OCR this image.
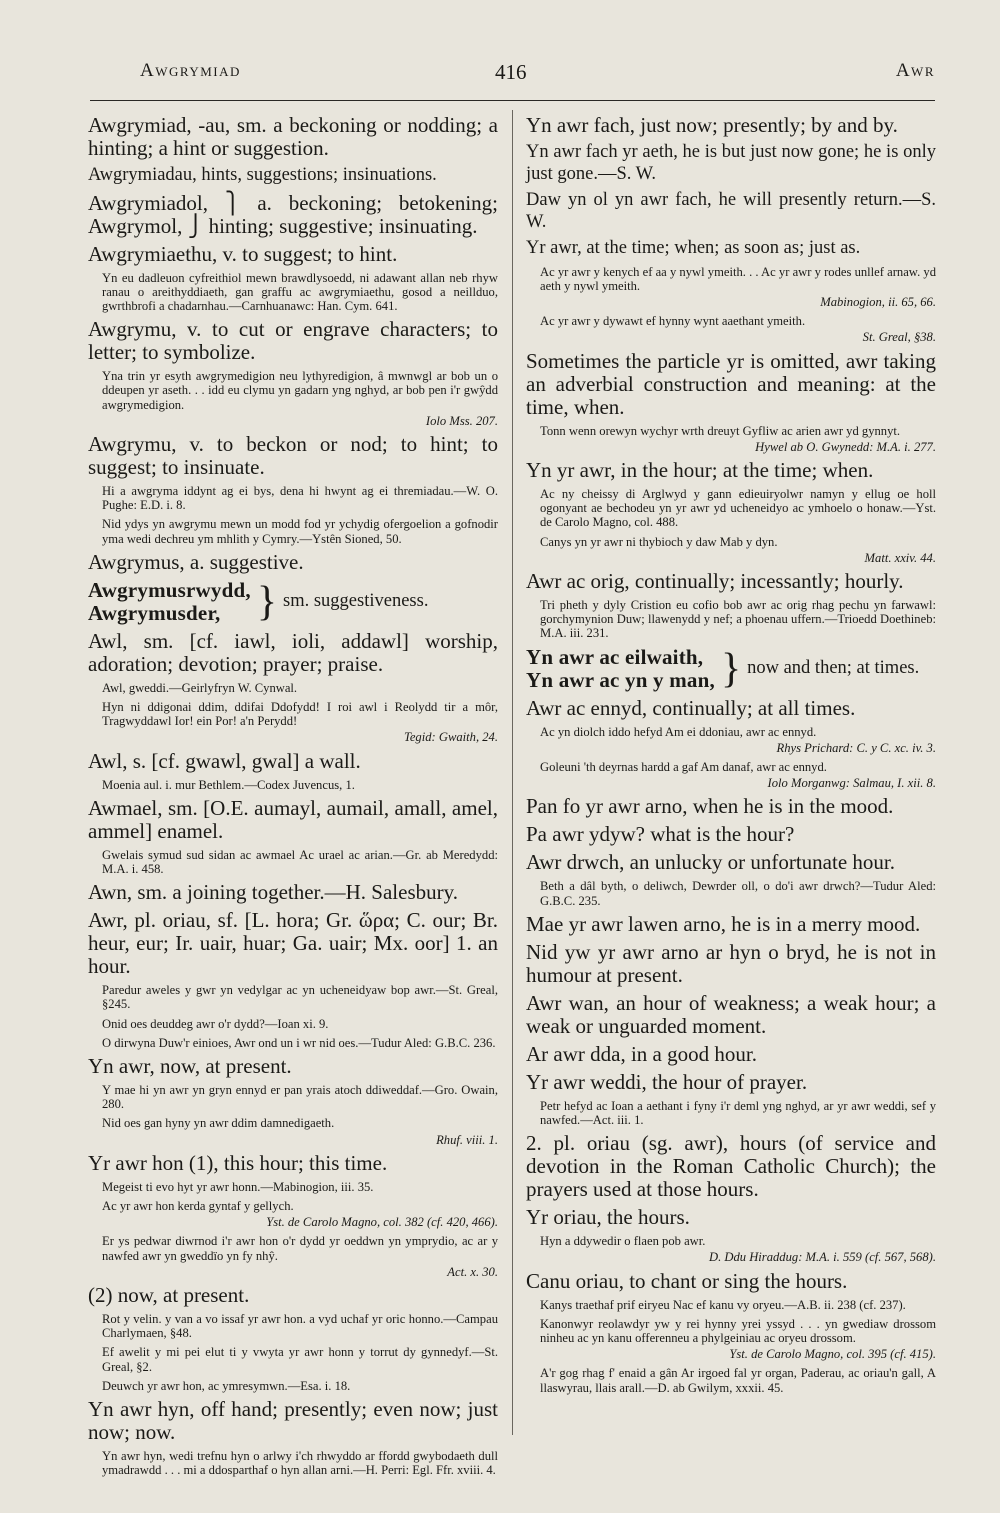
Awgrymiad	416	Awr
Awgrymiad, -au, sm. a beckoning or nodding; a hinting; a hint or suggestion.
Awgrymiadau, hints, suggestions; insinuations.
Awgrymiadol, ⎫ a. beckoning; betokening; Awgrymol, ⎭ hinting; suggestive; insinuating.
Awgrymiaethu, v. to suggest; to hint.
Yn eu dadleuon cyfreithiol mewn brawdlysoedd, ni adawant allan neb rhyw ranau o areithyddiaeth, gan graffu ac awgrymiaethu, gosod a neillduo, gwrthbrofi a chadarnhau.—Carnhuanawc: Han. Cym. 641.
Awgrymu, v. to cut or engrave characters; to letter; to symbolize.
Yna trin yr esyth awgrymedigion neu lythyredigion, â mwnwgl ar bob un o ddeupen yr aseth. . . idd eu clymu yn gadarn yng nghyd, ar bob pen i'r gwŷdd awgrymedigion.
Iolo Mss. 207.
Awgrymu, v. to beckon or nod; to hint; to suggest; to insinuate.
Hi a awgryma iddynt ag ei bys, dena hi hwynt ag ei thremiadau.—W. O. Pughe: E.D. i. 8.
Nid ydys yn awgrymu mewn un modd fod yr ychydig ofergoelion a gofnodir yma wedi dechreu ym mhlith y Cymry.—Ystên Sioned, 50.
Awgrymus, a. suggestive.
Awgrymusrwydd,
Awgrymusder, } sm. suggestiveness.
Awl, sm. [cf. iawl, ioli, addawl] worship, adoration; devotion; prayer; praise.
Awl, gweddi.—Geirlyfryn W. Cynwal.
Hyn ni ddigonai ddim, ddifai Ddofydd! I roi awl i Reolydd tir a môr, Tragwyddawl Ior! ein Por! a'n Perydd!
Tegid: Gwaith, 24.
Awl, s. [cf. gwawl, gwal] a wall.
Moenia aul. i. mur Bethlem.—Codex Juvencus, 1.
Awmael, sm. [O.E. aumayl, aumail, amall, amel, ammel] enamel.
Gwelais symud sud sidan ac awmael Ac urael ac arian.—Gr. ab Meredydd: M.A. i. 458.
Awn, sm. a joining together.—H. Salesbury.
Awr, pl. oriau, sf. [L. hora; Gr. ὥρα; C. our; Br. heur, eur; Ir. uair, huar; Ga. uair; Mx. oor] 1. an hour.
Paredur aweles y gwr yn vedylgar ac yn ucheneidyaw bop awr.—St. Greal, §245.
Onid oes deuddeg awr o'r dydd?—Ioan xi. 9.
O dirwyna Duw'r einioes, Awr ond un i wr nid oes.—Tudur Aled: G.B.C. 236.
Yn awr, now, at present.
Y mae hi yn awr yn gryn ennyd er pan yrais atoch ddiweddaf.—Gro. Owain, 280.
Nid oes gan hyny yn awr ddim damnedigaeth.
Rhuf. viii. 1.
Yr awr hon (1), this hour; this time.
Megeist ti evo hyt yr awr honn.—Mabinogion, iii. 35.
Ac yr awr hon kerda gyntaf y gellych.
Yst. de Carolo Magno, col. 382 (cf. 420, 466).
Er ys pedwar diwrnod i'r awr hon o'r dydd yr oeddwn yn ymprydio, ac ar y nawfed awr yn gweddïo yn fy nhŷ.
Act. x. 30.
(2) now, at present.
Rot y velin. y van a vo issaf yr awr hon. a vyd uchaf yr oric honno.—Campau Charlymaen, §48.
Ef awelit y mi pei elut ti y vwyta yr awr honn y torrut dy gynnedyf.—St. Greal, §2.
Deuwch yr awr hon, ac ymresymwn.—Esa. i. 18.
Yn awr hyn, off hand; presently; even now; just now; now.
Yn awr hyn, wedi trefnu hyn o arlwy i'ch rhwyddo ar ffordd gwybodaeth dull ymadrawdd . . . mi a ddosparthaf o hyn allan arni.—H. Perri: Egl. Ffr. xviii. 4.
Yn awr fach, just now; presently; by and by.
Yn awr fach yr aeth, he is but just now gone; he is only just gone.—S. W.
Daw yn ol yn awr fach, he will presently return.—S. W.
Yr awr, at the time; when; as soon as; just as.
Ac yr awr y kenych ef aa y nywl ymeith. . . Ac yr awr y rodes unllef arnaw. yd aeth y nywl ymeith.
Mabinogion, ii. 65, 66.
Ac yr awr y dywawt ef hynny wynt aaethant ymeith.
St. Greal, §38.
Sometimes the particle yr is omitted, awr taking an adverbial construction and meaning: at the time, when.
Tonn wenn orewyn wychyr wrth dreuyt Gyfliw ac arien awr yd gynnyt.
Hywel ab O. Gwynedd: M.A. i. 277.
Yn yr awr, in the hour; at the time; when.
Ac ny cheissy di Arglwyd y gann edieuiryolwr namyn y ellug oe holl ogonyant ae bechodeu yn yr awr yd ucheneidyo ac ymhoelo o honaw.—Yst. de Carolo Magno, col. 488.
Canys yn yr awr ni thybioch y daw Mab y dyn.
Matt. xxiv. 44.
Awr ac orig, continually; incessantly; hourly.
Tri pheth y dyly Cristion eu cofio bob awr ac orig rhag pechu yn farwawl: gorchymynion Duw; llawenydd y nef; a phoenau uffern.—Trioedd Doethineb: M.A. iii. 231.
Yn awr ac eilwaith,
Yn awr ac yn y man, } now and then; at times.
Awr ac ennyd, continually; at all times.
Ac yn diolch iddo hefyd Am ei ddoniau, awr ac ennyd.
Rhys Prichard: C. y C. xc. iv. 3.
Goleuni 'th deyrnas hardd a gaf Am danaf, awr ac ennyd.
Iolo Morganwg: Salmau, I. xii. 8.
Pan fo yr awr arno, when he is in the mood.
Pa awr ydyw? what is the hour?
Awr drwch, an unlucky or unfortunate hour.
Beth a dâl byth, o deliwch, Dewrder oll, o do'i awr drwch?—Tudur Aled: G.B.C. 235.
Mae yr awr lawen arno, he is in a merry mood.
Nid yw yr awr arno ar hyn o bryd, he is not in humour at present.
Awr wan, an hour of weakness; a weak hour; a weak or unguarded moment.
Ar awr dda, in a good hour.
Yr awr weddi, the hour of prayer.
Petr hefyd ac Ioan a aethant i fyny i'r deml yng nghyd, ar yr awr weddi, sef y nawfed.—Act. iii. 1.
2. pl. oriau (sg. awr), hours (of service and devotion in the Roman Catholic Church); the prayers used at those hours.
Yr oriau, the hours.
Hyn a ddywedir o flaen pob awr.
D. Ddu Hiraddug: M.A. i. 559 (cf. 567, 568).
Canu oriau, to chant or sing the hours.
Kanys traethaf prif eiryeu Nac ef kanu vy oryeu.—A.B. ii. 238 (cf. 237).
Kanonwyr reolawdyr yw y rei hynny yrei yssyd . . . yn gwediaw drossom ninheu ac yn kanu offerenneu a phylgeiniau ac oryeu drossom.
Yst. de Carolo Magno, col. 395 (cf. 415).
A'r gog rhag f' enaid a gân Ar irgoed fal yr organ, Paderau, ac oriau'n gall, A llaswyrau, llais arall.—D. ab Gwilym, xxxii. 45.
